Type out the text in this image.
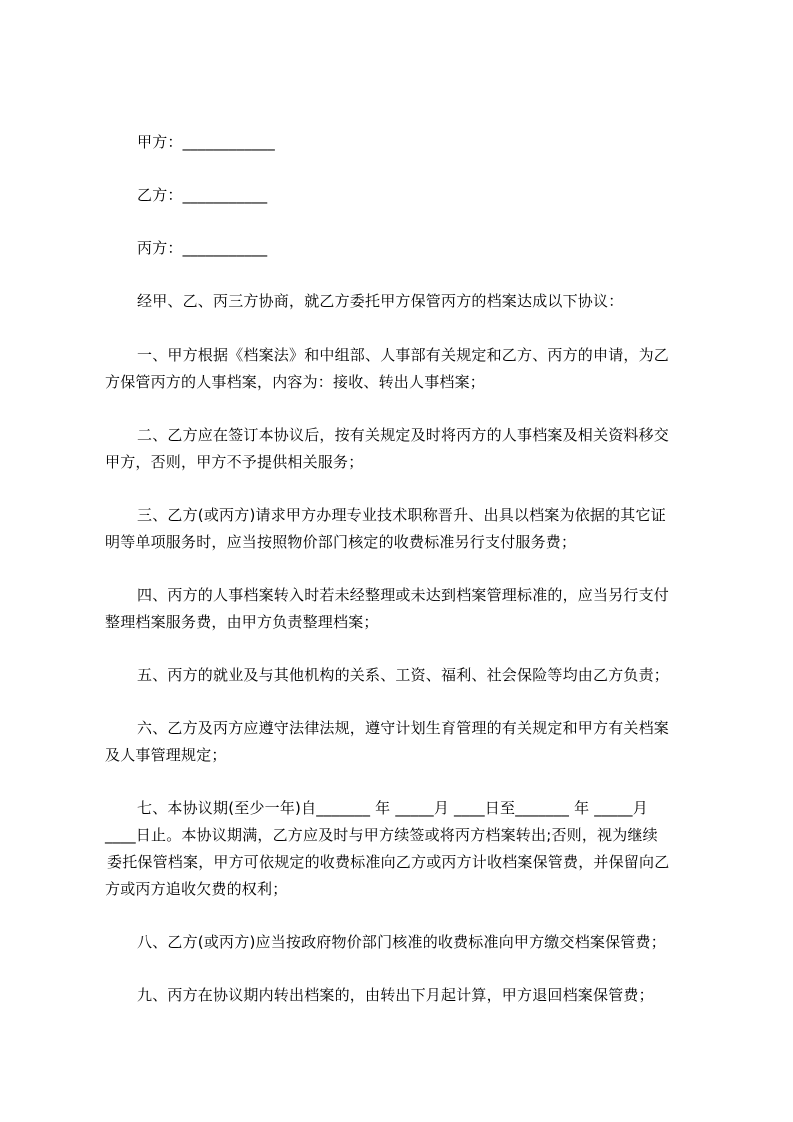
甲方：____________
乙方：___________
丙方：___________
经甲、乙、丙三方协商，就乙方委托甲方保管丙方的档案达成以下协议：
一、甲方根据《档案法》和中组部、人事部有关规定和乙方、丙方的申请，为乙
方保管丙方的人事档案，内容为：接收、转出人事档案；
二、乙方应在签订本协议后，按有关规定及时将丙方的人事档案及相关资料移交
甲方，否则，甲方不予提供相关服务；
三、乙方(或丙方)请求甲方办理专业技术职称晋升、出具以档案为依据的其它证
明等单项服务时，应当按照物价部门核定的收费标准另行支付服务费；
四、丙方的人事档案转入时若未经整理或未达到档案管理标准的，应当另行支付
整理档案服务费，由甲方负责整理档案；
五、丙方的就业及与其他机构的关系、工资、福利、社会保险等均由乙方负责；
六、乙方及丙方应遵守法律法规，遵守计划生育管理的有关规定和甲方有关档案
及人事管理规定；
七、本协议期(至少一年)自_______ 年 _____月 ____日至_______ 年 _____月
____日止。本协议期满，乙方应及时与甲方续签或将丙方档案转出;否则，视为继续
委托保管档案，甲方可依规定的收费标准向乙方或丙方计收档案保管费，并保留向乙
方或丙方追收欠费的权利；
八、乙方(或丙方)应当按政府物价部门核准的收费标准向甲方缴交档案保管费；
九、丙方在协议期内转出档案的，由转出下月起计算，甲方退回档案保管费；
